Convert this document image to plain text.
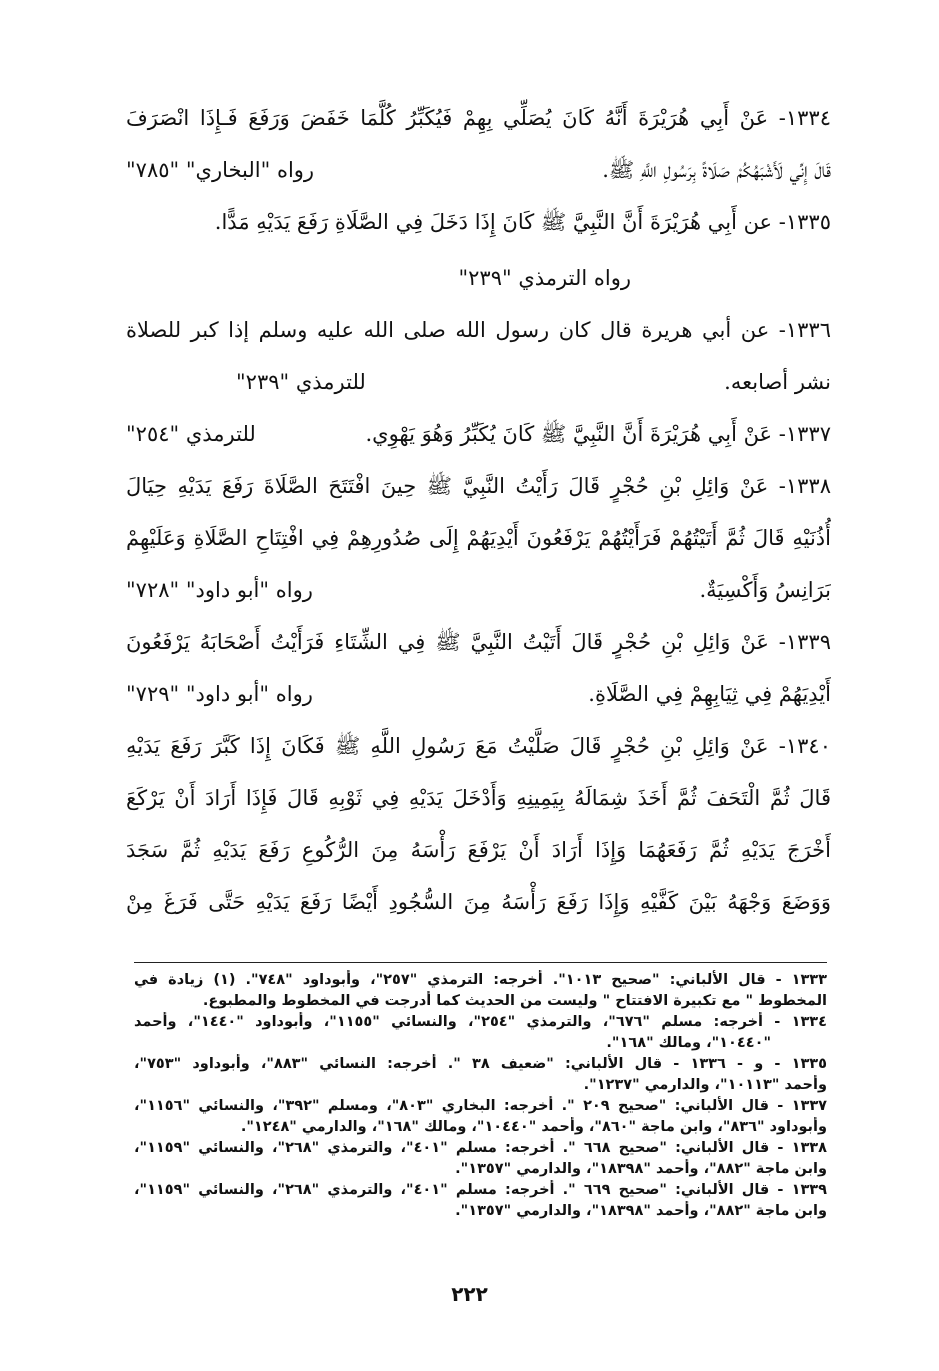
١٣٣٤- عَنْ أَبِي هُرَيْرَةَ أَنَّهُ كَانَ يُصَلِّي بِهِمْ فَيُكَبِّرُ كُلَّمَا خَفَضَ وَرَفَعَ فَـإِذَا انْصَرَفَ
قَالَ إِنِّي لَأَشْبَهُكُمْ صَلَاةً بِرَسُولِ اللَّهِ ﷺ.
رواه "البخاري" "٧٨٥"
١٣٣٥- عن أَبِي هُرَيْرَةَ أَنَّ النَّبِيَّ ﷺ كَانَ إِذَا دَخَلَ فِي الصَّلَاةِ رَفَعَ يَدَيْهِ مَدًّا.
رواه الترمذي "٢٣٩"
١٣٣٦- عن أبي هريرة قال كان رسول الله صلى الله عليه وسلم إذا كبر للصلاة
نشر أصابعه.
للترمذي "٢٣٩"
١٣٣٧- عَنْ أَبِي هُرَيْرَةَ أَنَّ النَّبِيَّ ﷺ كَانَ يُكَبِّرُ وَهُوَ يَهْوِي.
للترمذي "٢٥٤"
١٣٣٨- عَنْ وَائِلِ بْنِ حُجْرٍ قَالَ رَأَيْتُ النَّبِيَّ ﷺ حِينَ افْتَتَحَ الصَّلَاةَ رَفَعَ يَدَيْهِ حِيَالَ
أُذُنَيْهِ قَالَ ثُمَّ أَتَيْتُهُمْ فَرَأَيْتُهُمْ يَرْفَعُونَ أَيْدِيَهُمْ إِلَى صُدُورِهِمْ فِي افْتِتَاحِ الصَّلَاةِ وَعَلَيْهِمْ
بَرَانِسُ وَأَكْسِيَةٌ.
رواه "أبو داود" "٧٢٨"
١٣٣٩- عَنْ وَائِلِ بْنِ حُجْرٍ قَالَ أَتَيْتُ النَّبِيَّ ﷺ فِي الشِّتَاءِ فَرَأَيْتُ أَصْحَابَهُ يَرْفَعُونَ
أَيْدِيَهُمْ فِي ثِيَابِهِمْ فِي الصَّلَاةِ.
رواه "أبو داود" "٧٢٩"
١٣٤٠- عَنْ وَائِلِ بْنِ حُجْرٍ قَالَ صَلَّيْتُ مَعَ رَسُولِ اللَّهِ ﷺ فَكَانَ إِذَا كَبَّرَ رَفَعَ يَدَيْهِ
قَالَ ثُمَّ الْتَحَفَ ثُمَّ أَخَذَ شِمَالَهُ بِيَمِينِهِ وَأَدْخَلَ يَدَيْهِ فِي ثَوْبِهِ قَالَ فَإِذَا أَرَادَ أَنْ يَرْكَعَ
أَخْرَجَ يَدَيْهِ ثُمَّ رَفَعَهُمَا وَإِذَا أَرَادَ أَنْ يَرْفَعَ رَأْسَهُ مِنَ الرُّكُوعِ رَفَعَ يَدَيْهِ ثُمَّ سَجَدَ
وَوَضَعَ وَجْهَهُ بَيْنَ كَفَّيْهِ وَإِذَا رَفَعَ رَأْسَهُ مِنَ السُّجُودِ أَيْضًا رَفَعَ يَدَيْهِ حَتَّى فَرَغَ مِنْ
١٣٣٣ - قال الألباني: "صحيح ١٠١٣". أخرجه: الترمذي "٢٥٧"، وأبوداود "٧٤٨". (١) زيادة في
المخطوط " مع تكبيرة الافتتاح " وليست من الحديث كما أدرجت في المخطوط والمطبوع.
١٣٣٤ - أخرجه: مسلم "٦٧٦"، والترمذي "٢٥٤"، والنسائي "١١٥٥"، وأبوداود "١٤٤٠"، وأحمد
"١٠٤٤٠"، ومالك "١٦٨".
١٣٣٥ - و - ١٣٣٦ - قال الألباني: "ضعيف ٣٨ ". أخرجه: النسائي "٨٨٣"، وأبوداود "٧٥٣"،
وأحمد "١٠١١٣"، والدارمي "١٢٣٧".
١٣٣٧ - قال الألباني: "صحيح ٢٠٩ ". أخرجه: البخاري "٨٠٣"، ومسلم "٣٩٢"، والنسائي "١١٥٦"،
وأبوداود "٨٣٦"، وابن ماجة "٨٦٠"، وأحمد "١٠٤٤٠"، ومالك "١٦٨"، والدارمي "١٢٤٨".
١٣٣٨ - قال الألباني: "صحيح ٦٦٨ ". أخرجه: مسلم "٤٠١"، والترمذي "٢٦٨"، والنسائي "١١٥٩"،
وابن ماجة "٨٨٢"، وأحمد "١٨٣٩٨"، والدارمي "١٣٥٧".
١٣٣٩ - قال الألباني: "صحيح ٦٦٩ ". أخرجه: مسلم "٤٠١"، والترمذي "٢٦٨"، والنسائي "١١٥٩"،
وابن ماجة "٨٨٢"، وأحمد "١٨٣٩٨"، والدارمي "١٣٥٧".
٢٢٢
